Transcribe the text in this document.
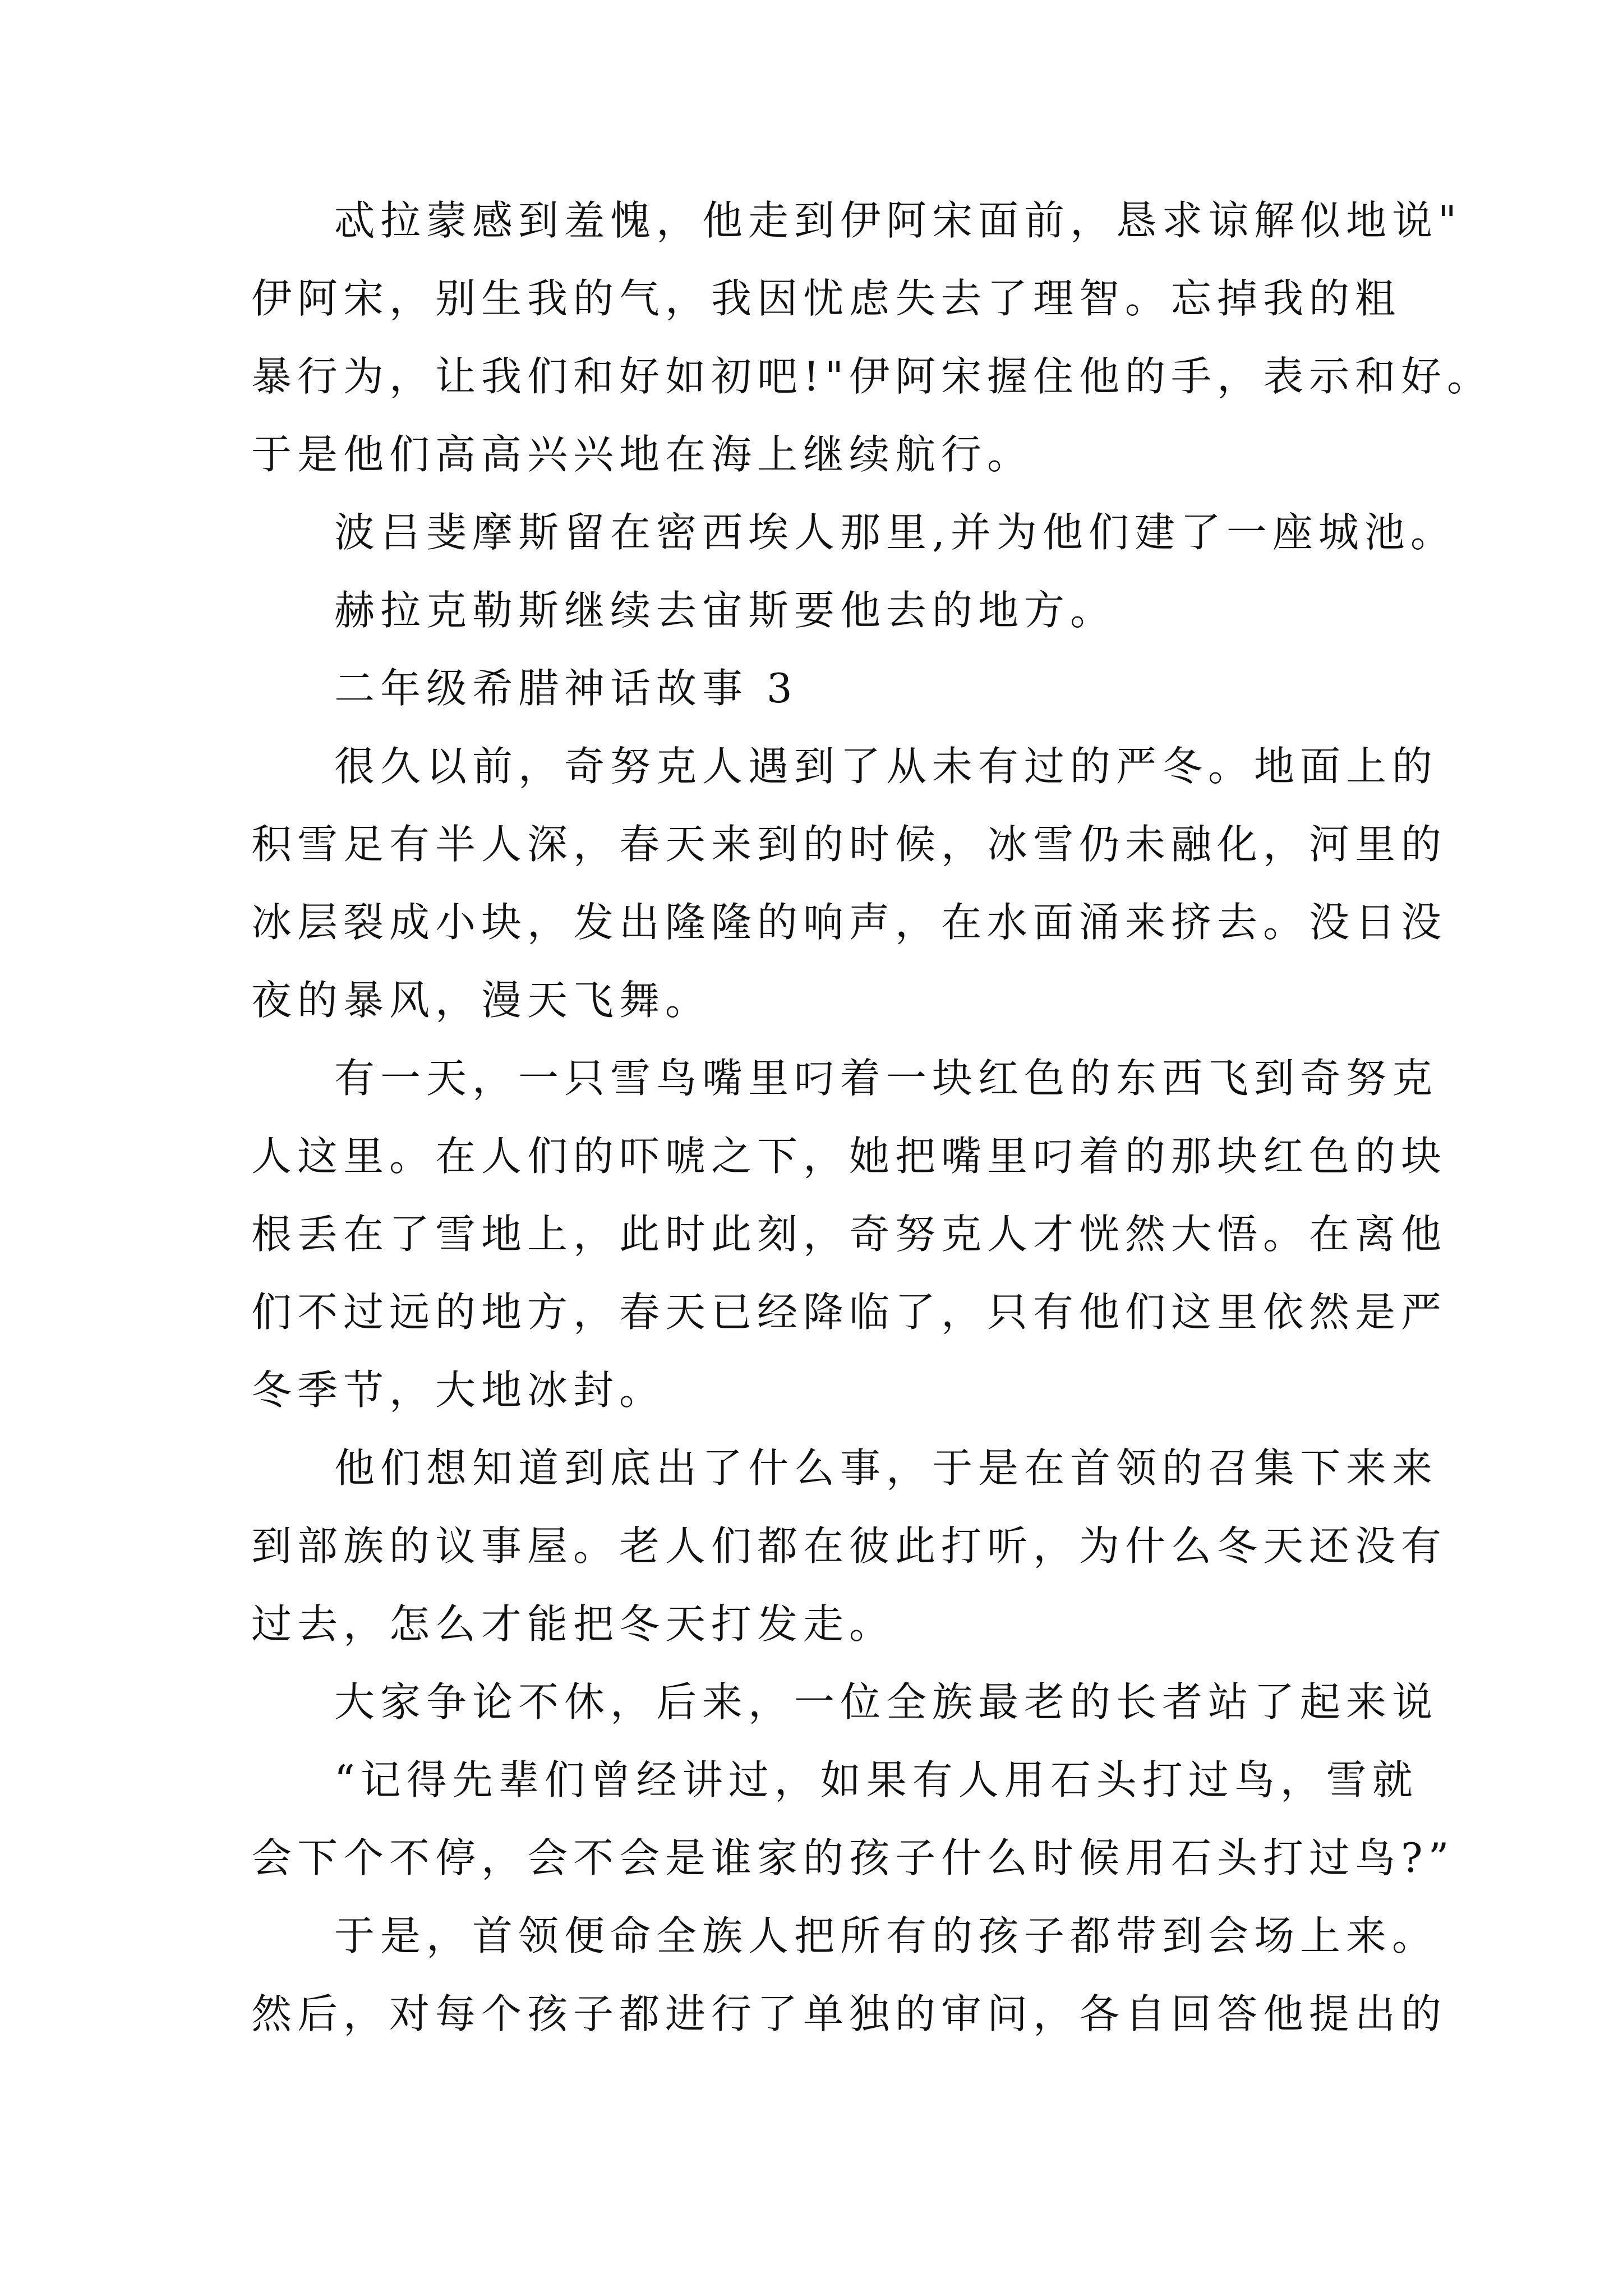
忒拉蒙感到羞愧，他走到伊阿宋面前，恳求谅解似地说"
伊阿宋，别生我的气，我因忧虑失去了理智。忘掉我的粗
暴行为，让我们和好如初吧!"伊阿宋握住他的手，表示和好。
于是他们高高兴兴地在海上继续航行。
波吕斐摩斯留在密西埃人那里,并为他们建了一座城池。
赫拉克勒斯继续去宙斯要他去的地方。
二年级希腊神话故事 3
很久以前，奇努克人遇到了从未有过的严冬。地面上的
积雪足有半人深，春天来到的时候，冰雪仍未融化，河里的
冰层裂成小块，发出隆隆的响声，在水面涌来挤去。没日没
夜的暴风，漫天飞舞。
有一天，一只雪鸟嘴里叼着一块红色的东西飞到奇努克
人这里。在人们的吓唬之下，她把嘴里叼着的那块红色的块
根丢在了雪地上，此时此刻，奇努克人才恍然大悟。在离他
们不过远的地方，春天已经降临了，只有他们这里依然是严
冬季节，大地冰封。
他们想知道到底出了什么事，于是在首领的召集下来来
到部族的议事屋。老人们都在彼此打听，为什么冬天还没有
过去，怎么才能把冬天打发走。
大家争论不休，后来，一位全族最老的长者站了起来说
“记得先辈们曾经讲过，如果有人用石头打过鸟，雪就
会下个不停，会不会是谁家的孩子什么时候用石头打过鸟?”
于是，首领便命全族人把所有的孩子都带到会场上来。
然后，对每个孩子都进行了单独的审问，各自回答他提出的
